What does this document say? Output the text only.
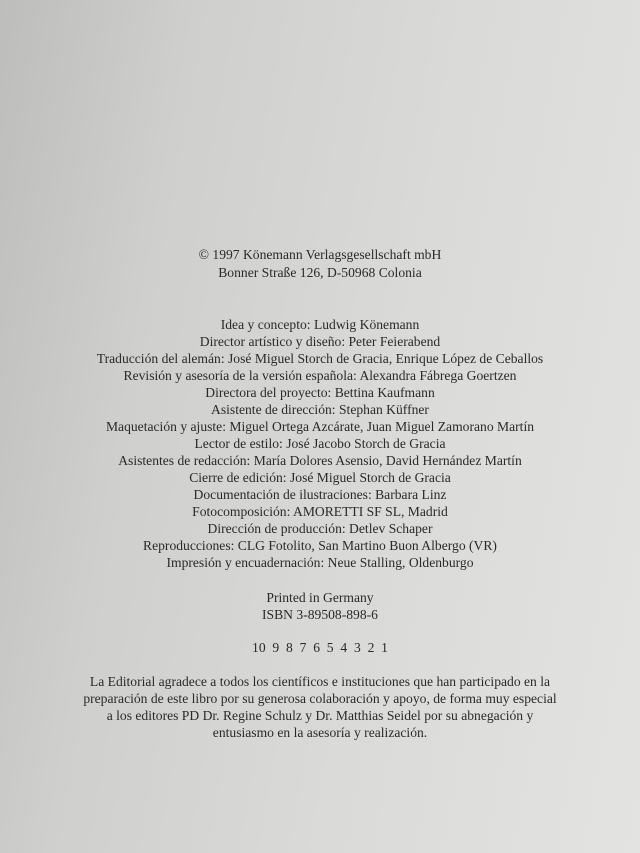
© 1997 Könemann Verlagsgesellschaft mbH
Bonner Straße 126, D-50968 Colonia
Idea y concepto: Ludwig Könemann
Director artístico y diseño: Peter Feierabend
Traducción del alemán: José Miguel Storch de Gracia, Enrique López de Ceballos
Revisión y asesoría de la versión española: Alexandra Fábrega Goertzen
Directora del proyecto: Bettina Kaufmann
Asistente de dirección: Stephan Küffner
Maquetación y ajuste: Miguel Ortega Azcárate, Juan Miguel Zamorano Martín
Lector de estilo: José Jacobo Storch de Gracia
Asistentes de redacción: María Dolores Asensio, David Hernández Martín
Cierre de edición: José Miguel Storch de Gracia
Documentación de ilustraciones: Barbara Linz
Fotocomposición: AMORETTI SF SL, Madrid
Dirección de producción: Detlev Schaper
Reproducciones: CLG Fotolito, San Martino Buon Albergo (VR)
Impresión y encuadernación: Neue Stalling, Oldenburgo
Printed in Germany
ISBN 3-89508-898-6
10  9  8  7  6  5  4  3  2  1
La Editorial agradece a todos los científicos e instituciones que han participado en la
preparación de este libro por su generosa colaboración y apoyo, de forma muy especial
a los editores PD Dr. Regine Schulz y Dr. Matthias Seidel por su abnegación y
entusiasmo en la asesoría y realización.
